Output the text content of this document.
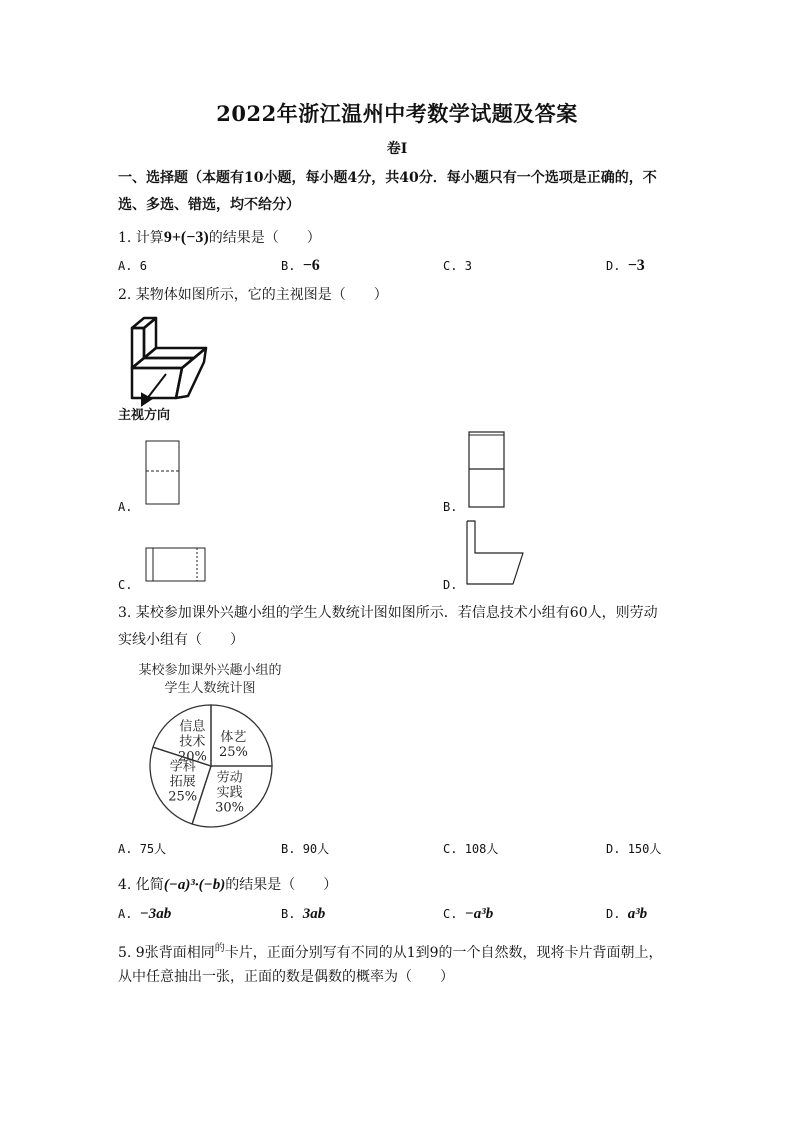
2022年浙江温州中考数学试题及答案
卷I
一、选择题（本题有10小题，每小题4分，共40分．每小题只有一个选项是正确的，不
选、多选、错选，均不给分）
1. 计算9+(−3)的结果是（　　）
A. 6	B. −6	C. 3	D. −3
2. 某物体如图所示，它的主视图是（　　）
主视方向
A.	B.
C.	D.
3. 某校参加课外兴趣小组的学生人数统计图如图所示．若信息技术小组有60人，则劳动
实线小组有（　　）
某校参加课外兴趣小组的
学生人数统计图
体艺
25%
劳动
实践
30%
学科
拓展
25%
信息
技术
20%
A. 75人	B. 90人	C. 108人	D. 150人
4. 化简(−a)³·(−b)的结果是（　　）
A. −3ab	B. 3ab	C. −a³b	D. a³b
5. 9张背面相同$^的$卡片，正面分别写有不同的从1到9的一个自然数，现将卡片背面朝上，
从中任意抽出一张，正面的数是偶数的概率为（　　）
